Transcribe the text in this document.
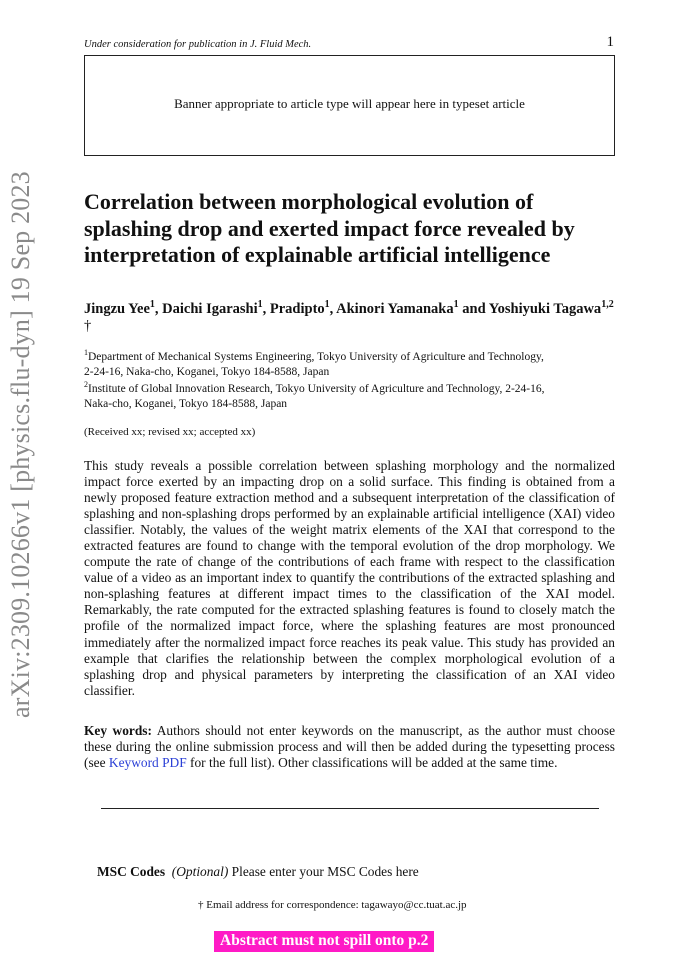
Under consideration for publication in J. Fluid Mech.	1
Banner appropriate to article type will appear here in typeset article
arXiv:2309.10266v1 [physics.flu-dyn] 19 Sep 2023 Correlation between morphological evolution of
splashing drop and exerted impact force revealed by
interpretation of explainable artificial intelligence
Jingzu Yee$^1$, Daichi Igarashi$^1$, Pradipto$^1$, Akinori Yamanaka$^1$ and Yoshiyuki Tagawa$^{1,2}$ †
$^1$Department of Mechanical Systems Engineering, Tokyo University of Agriculture and Technology,
2-24-16, Naka-cho, Koganei, Tokyo 184-8588, Japan
$^2$Institute of Global Innovation Research, Tokyo University of Agriculture and Technology, 2-24-16,
Naka-cho, Koganei, Tokyo 184-8588, Japan
(Received xx; revised xx; accepted xx)
This study reveals a possible correlation between splashing morphology and the normalized impact force exerted by an impacting drop on a solid surface. This finding is obtained from a newly proposed feature extraction method and a subsequent interpretation of the classification of splashing and non-splashing drops performed by an explainable artificial intelligence (XAI) video classifier. Notably, the values of the weight matrix elements of the XAI that correspond to the extracted features are found to change with the temporal evolution of the drop morphology. We compute the rate of change of the contributions of each frame with respect to the classification value of a video as an important index to quantify the contributions of the extracted splashing and non-splashing features at different impact times to the classification of the XAI model. Remarkably, the rate computed for the extracted splashing features is found to closely match the profile of the normalized impact force, where the splashing features are most pronounced immediately after the normalized impact force reaches its peak value. This study has provided an example that clarifies the relationship between the complex morphological evolution of a splashing drop and physical parameters by interpreting the classification of an XAI video classifier.
Key words: Authors should not enter keywords on the manuscript, as the author must choose these during the online submission process and will then be added during the typesetting process (see Keyword PDF for the full list). Other classifications will be added at the same time.
MSC Codes (Optional) Please enter your MSC Codes here
† Email address for correspondence: tagawayo@cc.tuat.ac.jp
Abstract must not spill onto p.2
